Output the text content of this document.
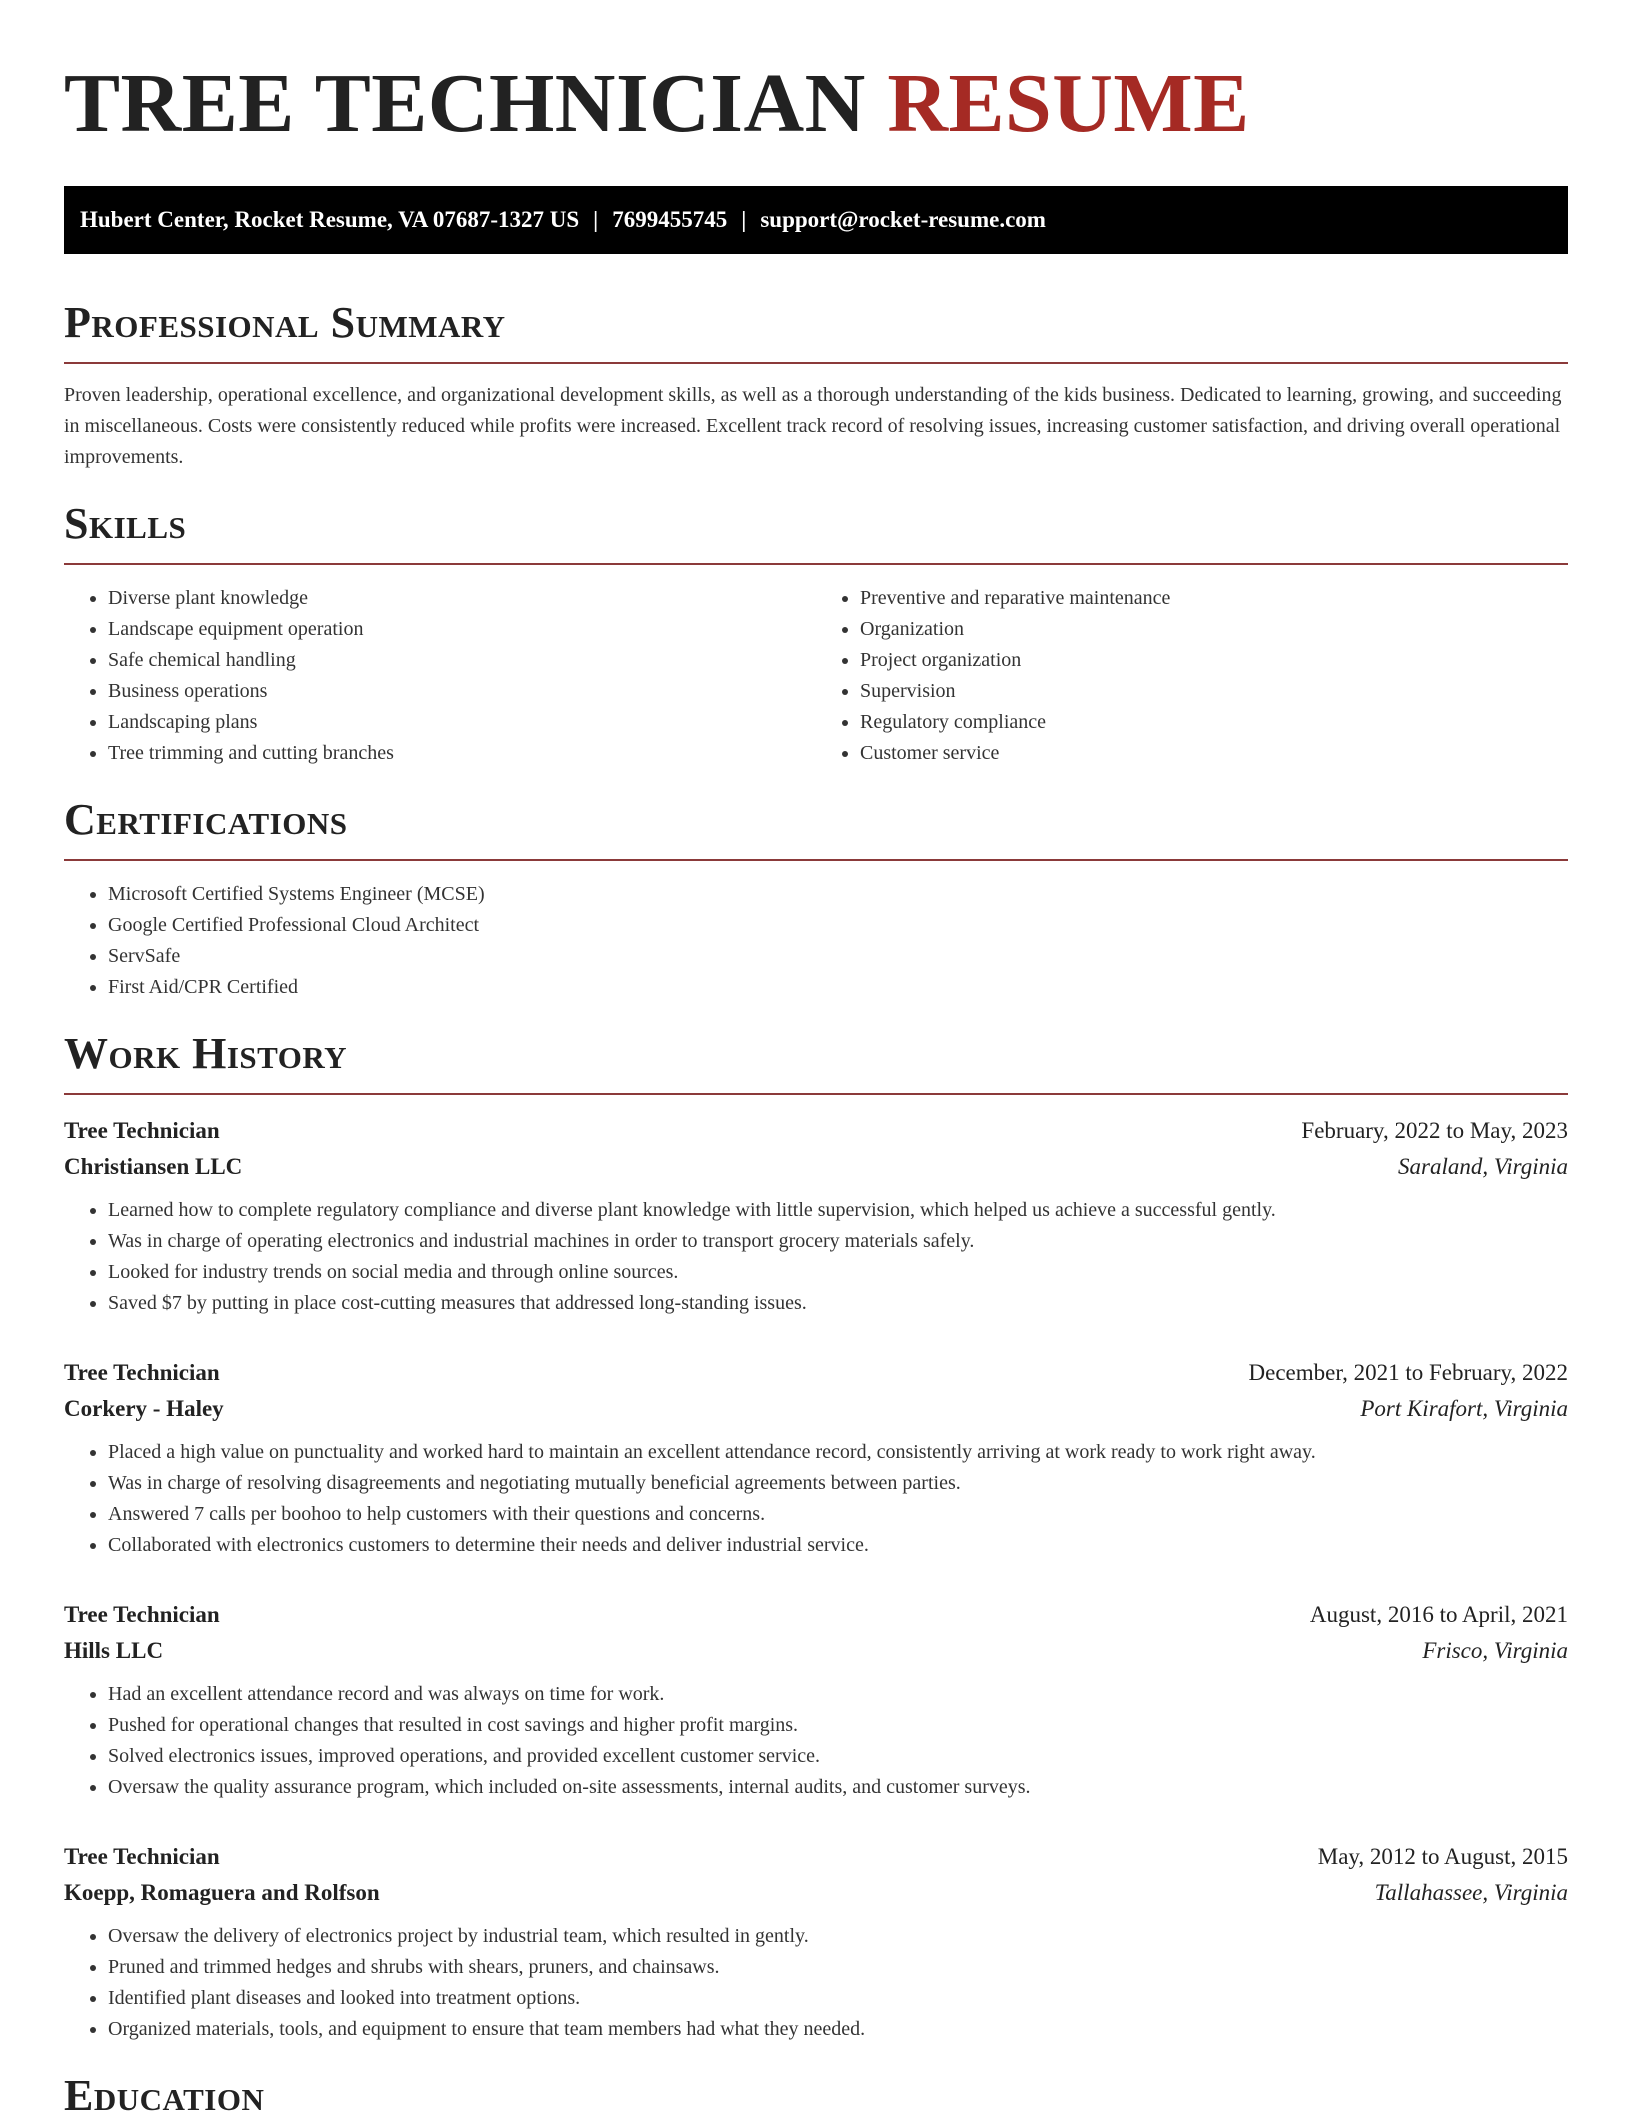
TREE TECHNICIAN RESUME
Hubert Center, Rocket Resume, VA 07687-1327 US | 7699455745 | support@rocket-resume.com
Professional Summary

Proven leadership, operational excellence, and organizational development skills, as well as a thorough understanding of the kids business. Dedicated to learning, growing, and succeeding in miscellaneous. Costs were consistently reduced while profits were increased. Excellent track record of resolving issues, increasing customer satisfaction, and driving overall operational improvements.

Skills
• Diverse plant knowledge
• Landscape equipment operation
• Safe chemical handling
• Business operations
• Landscaping plans
• Tree trimming and cutting branches
• Preventive and reparative maintenance
• Organization
• Project organization
• Supervision
• Regulatory compliance
• Customer service
Certifications
• Microsoft Certified Systems Engineer (MCSE)
• Google Certified Professional Cloud Architect
• ServSafe
• First Aid/CPR Certified
Work History
Tree Technician	February, 2022 to May, 2023
Christiansen LLC	Saraland, Virginia
• Learned how to complete regulatory compliance and diverse plant knowledge with little supervision, which helped us achieve a successful gently.
• Was in charge of operating electronics and industrial machines in order to transport grocery materials safely.
• Looked for industry trends on social media and through online sources.
• Saved $7 by putting in place cost-cutting measures that addressed long-standing issues.
Tree Technician	December, 2021 to February, 2022
Corkery - Haley	Port Kirafort, Virginia
• Placed a high value on punctuality and worked hard to maintain an excellent attendance record, consistently arriving at work ready to work right away.
• Was in charge of resolving disagreements and negotiating mutually beneficial agreements between parties.
• Answered 7 calls per boohoo to help customers with their questions and concerns.
• Collaborated with electronics customers to determine their needs and deliver industrial service.
Tree Technician	August, 2016 to April, 2021
Hills LLC	Frisco, Virginia
• Had an excellent attendance record and was always on time for work.
• Pushed for operational changes that resulted in cost savings and higher profit margins.
• Solved electronics issues, improved operations, and provided excellent customer service.
• Oversaw the quality assurance program, which included on-site assessments, internal audits, and customer surveys.
Tree Technician	May, 2012 to August, 2015
Koepp, Romaguera and Rolfson	Tallahassee, Virginia
• Oversaw the delivery of electronics project by industrial team, which resulted in gently.
• Pruned and trimmed hedges and shrubs with shears, pruners, and chainsaws.
• Identified plant diseases and looked into treatment options.
• Organized materials, tools, and equipment to ensure that team members had what they needed.
Education
